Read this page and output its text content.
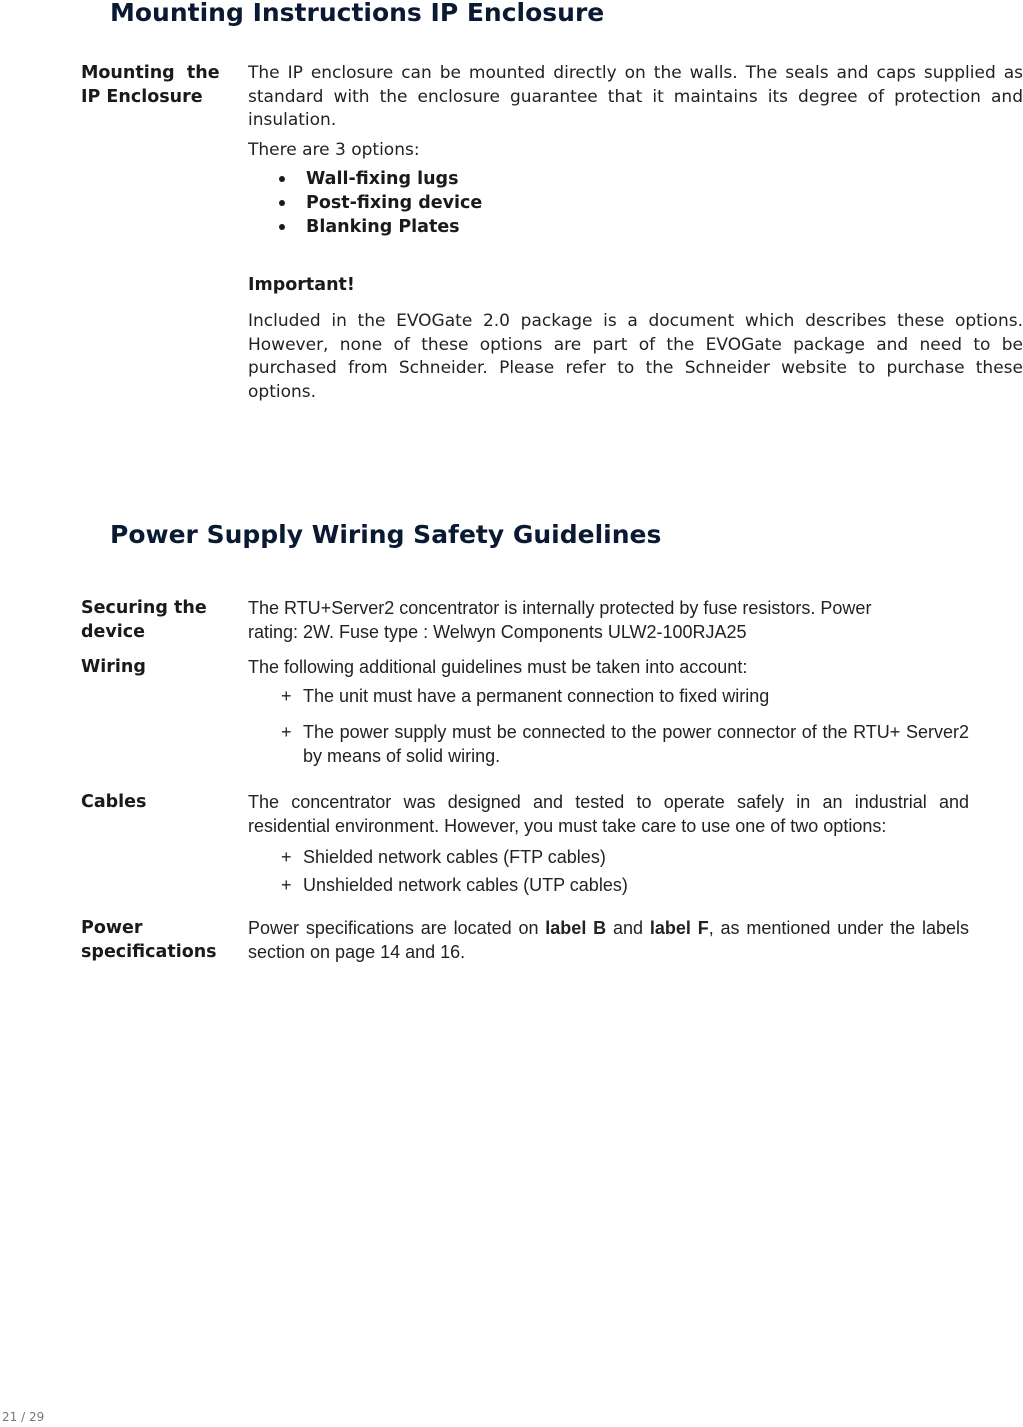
Mounting Instructions IP Enclosure
Mounting  the
IP Enclosure

The IP enclosure can be mounted directly on the walls. The seals and caps supplied as standard with the enclosure guarantee that it maintains its degree of protection and insulation.

There are 3 options:

Wall-fixing lugs
Post-fixing device
Blanking Plates
Important!

Included in the EVOGate 2.0 package is a document which describes these options. However, none of these options are part of the EVOGate package and need to be purchased from Schneider. Please refer to the Schneider website to purchase these options.

Power Supply Wiring Safety Guidelines
Securing the
device
The RTU+Server2 concentrator is internally protected by fuse resistors. Power
rating: 2W. Fuse type : Welwyn Components ULW2-100RJA25
Wiring	The following additional guidelines must be taken into account:
+ The unit must have a permanent connection to fixed wiring
+ The power supply must be connected to the power connector of the RTU+ Server2 by means of solid wiring.
Cables	The concentrator was designed and tested to operate safely in an industrial and residential environment. However, you must take care to use one of two options:

+ Shielded network cables (FTP cables)
+ Unshielded network cables (UTP cables)
Power
specifications

Power specifications are located on label B and label F, as mentioned under the labels section on page 14 and 16.

21 / 29
